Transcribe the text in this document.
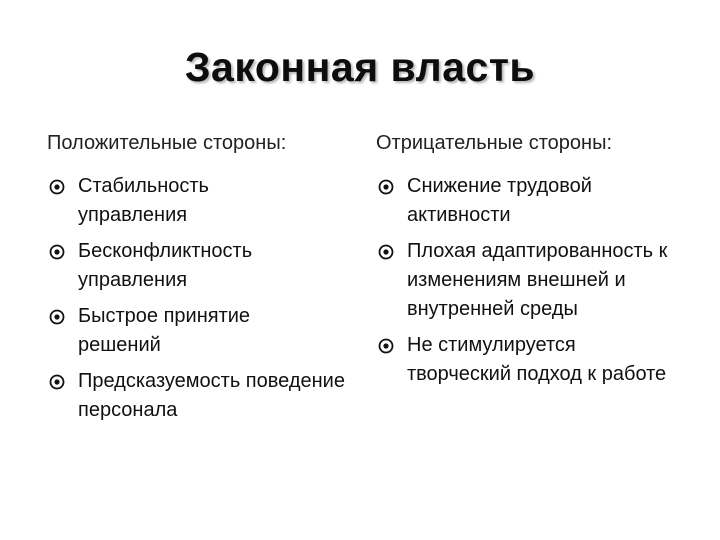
Законная власть
Положительные стороны:
Стабильность управления
Бесконфликтность управления
Быстрое принятие решений
Предсказуемость поведение персонала
Отрицательные стороны:
Снижение трудовой активности
Плохая адаптированность к изменениям внешней и внутренней среды
Не стимулируется творческий подход к работе
